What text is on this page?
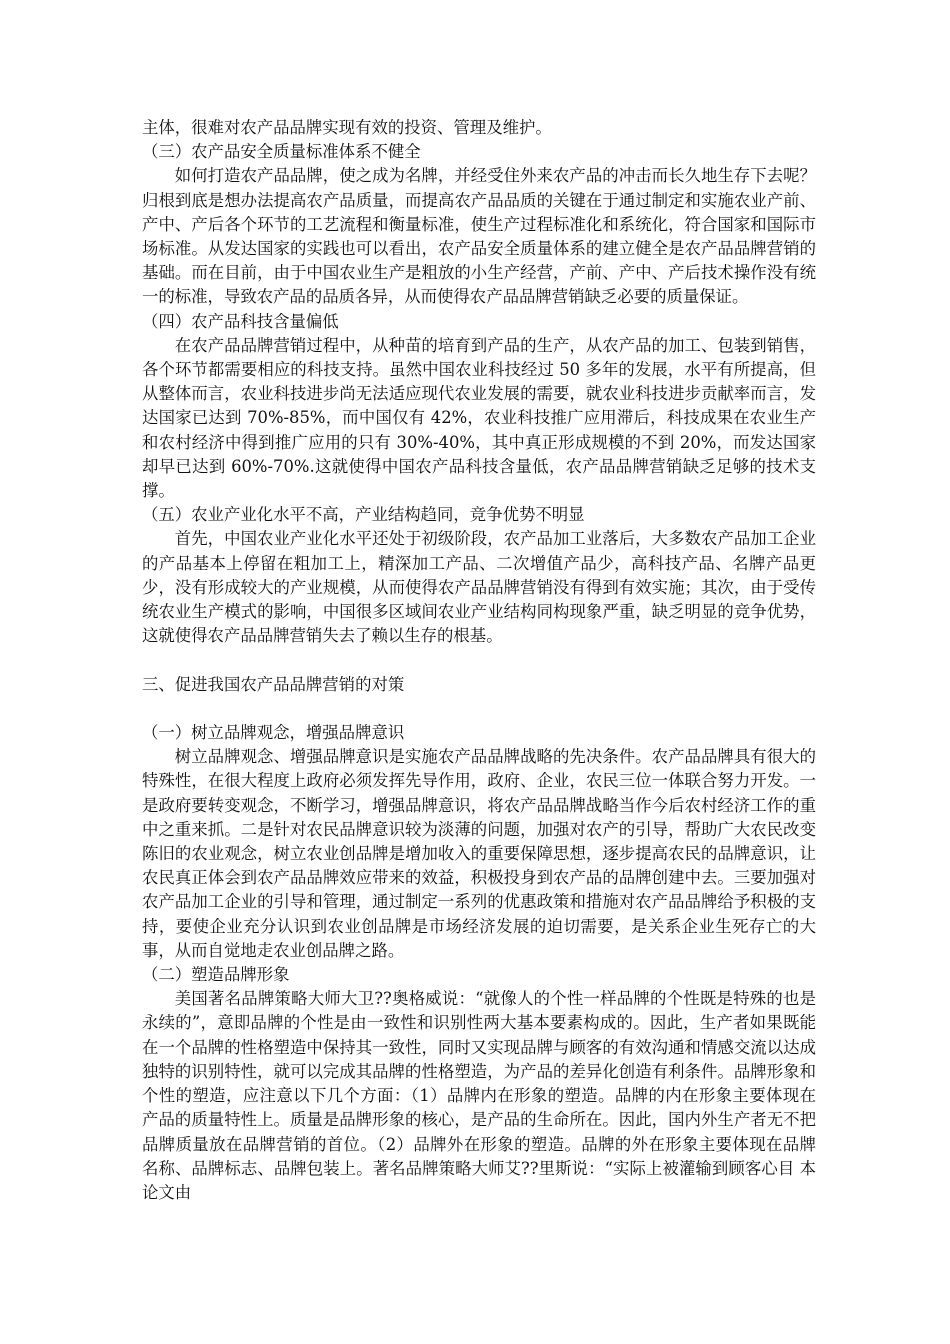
主体，很难对农产品品牌实现有效的投资、管理及维护。

（三）农产品安全质量标准体系不健全

如何打造农产品品牌，使之成为名牌，并经受住外来农产品的冲击而长久地生存下去呢？归根到底是想办法提高农产品质量，而提高农产品品质的关键在于通过制定和实施农业产前、产中、产后各个环节的工艺流程和衡量标准，使生产过程标准化和系统化，符合国家和国际市场标准。从发达国家的实践也可以看出，农产品安全质量体系的建立健全是农产品品牌营销的基础。而在目前，由于中国农业生产是粗放的小生产经营，产前、产中、产后技术操作没有统一的标准，导致农产品的品质各异，从而使得农产品品牌营销缺乏必要的质量保证。

（四）农产品科技含量偏低

在农产品品牌营销过程中，从种苗的培育到产品的生产，从农产品的加工、包装到销售，各个环节都需要相应的科技支持。虽然中国农业科技经过 50 多年的发展，水平有所提高，但从整体而言，农业科技进步尚无法适应现代农业发展的需要，就农业科技进步贡献率而言，发达国家已达到 70%-85%，而中国仅有 42%，农业科技推广应用滞后，科技成果在农业生产和农村经济中得到推广应用的只有 30%-40%，其中真正形成规模的不到 20%，而发达国家却早已达到 60%-70%.这就使得中国农产品科技含量低，农产品品牌营销缺乏足够的技术支撑。

（五）农业产业化水平不高，产业结构趋同，竞争优势不明显

首先，中国农业产业化水平还处于初级阶段，农产品加工业落后，大多数农产品加工企业的产品基本上停留在粗加工上，精深加工产品、二次增值产品少，高科技产品、名牌产品更少，没有形成较大的产业规模，从而使得农产品品牌营销没有得到有效实施；其次，由于受传统农业生产模式的影响，中国很多区域间农业产业结构同构现象严重，缺乏明显的竞争优势，这就使得农产品品牌营销失去了赖以生存的根基。

三、促进我国农产品品牌营销的对策

（一）树立品牌观念，增强品牌意识

树立品牌观念、增强品牌意识是实施农产品品牌战略的先决条件。农产品品牌具有很大的特殊性，在很大程度上政府必须发挥先导作用，政府、企业，农民三位一体联合努力开发。一是政府要转变观念，不断学习，增强品牌意识，将农产品品牌战略当作今后农村经济工作的重中之重来抓。二是针对农民品牌意识较为淡薄的问题，加强对农产的引导，帮助广大农民改变陈旧的农业观念，树立农业创品牌是增加收入的重要保障思想，逐步提高农民的品牌意识，让农民真正体会到农产品品牌效应带来的效益，积极投身到农产品的品牌创建中去。三要加强对农产品加工企业的引导和管理，通过制定一系列的优惠政策和措施对农产品品牌给予积极的支持，要使企业充分认识到农业创品牌是市场经济发展的迫切需要，是关系企业生死存亡的大事，从而自觉地走农业创品牌之路。

（二）塑造品牌形象

美国著名品牌策略大师大卫??奥格威说：“就像人的个性一样品牌的个性既是特殊的也是永续的”，意即品牌的个性是由一致性和识别性两大基本要素构成的。因此，生产者如果既能在一个品牌的性格塑造中保持其一致性，同时又实现品牌与顾客的有效沟通和情感交流以达成独特的识别特性，就可以完成其品牌的性格塑造，为产品的差异化创造有利条件。品牌形象和个性的塑造，应注意以下几个方面：（1）品牌内在形象的塑造。品牌的内在形象主要体现在产品的质量特性上。质量是品牌形象的核心，是产品的生命所在。因此，国内外生产者无不把品牌质量放在品牌营销的首位。（2）品牌外在形象的塑造。品牌的外在形象主要体现在品牌名称、品牌标志、品牌包装上。著名品牌策略大师艾??里斯说：“实际上被灌输到顾客心目 本论文由
